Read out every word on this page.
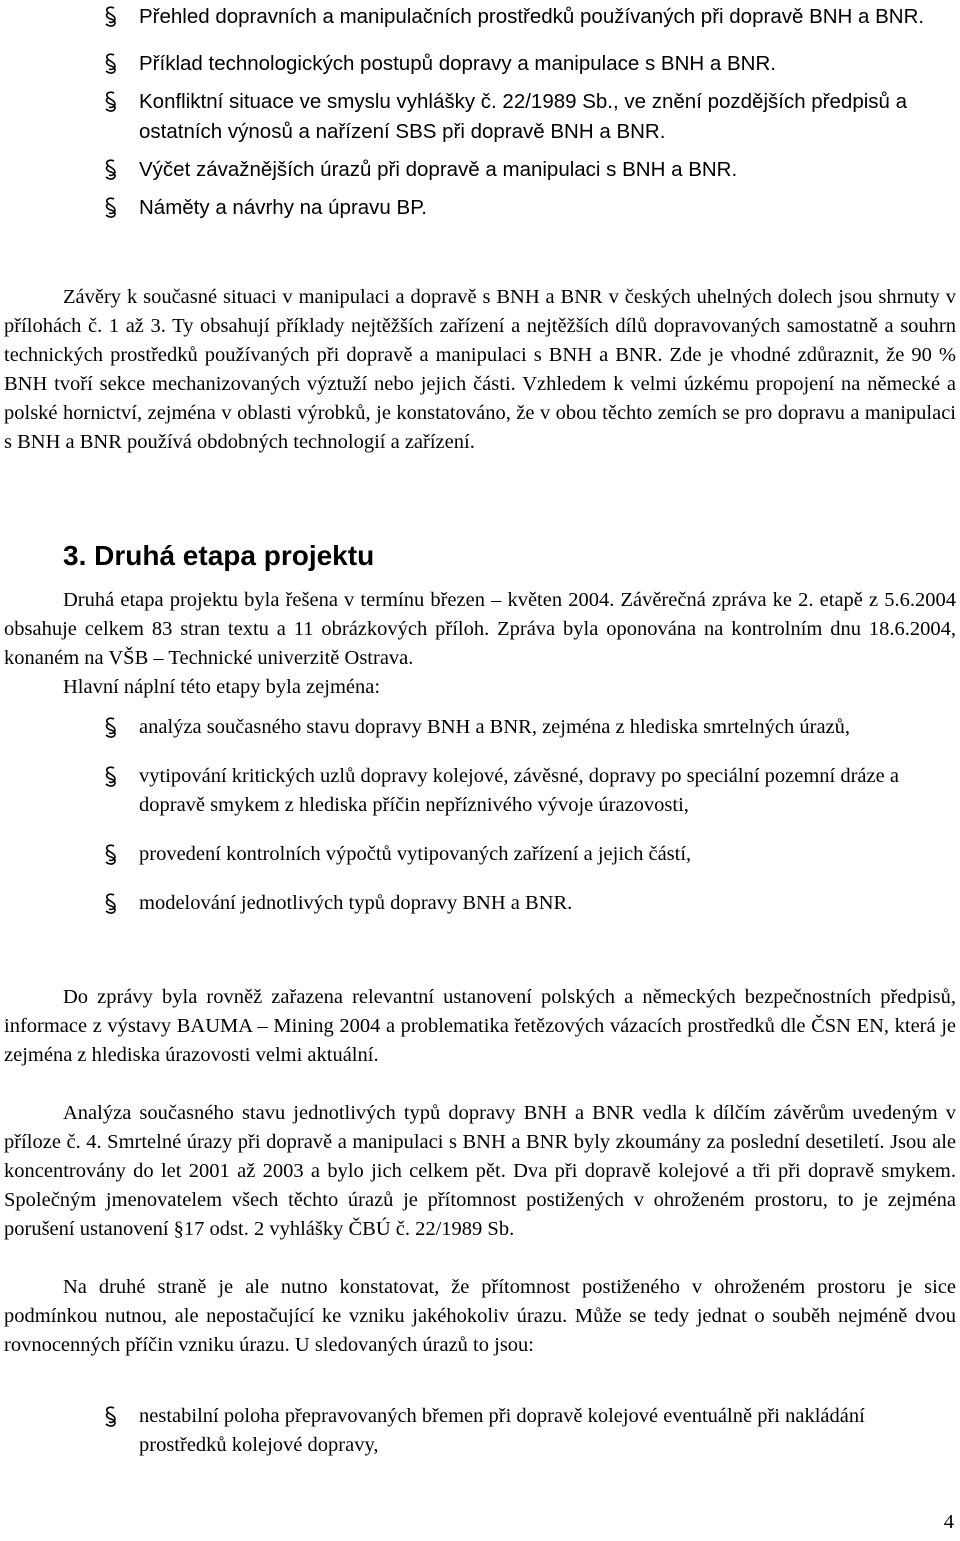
Přehled dopravních a manipulačních prostředků používaných při dopravě BNH a BNR.
Příklad technologických postupů dopravy a manipulace s BNH a BNR.
Konfliktní situace ve smyslu vyhlášky č. 22/1989 Sb., ve znění pozdějších předpisů a ostatních výnosů a nařízení SBS při dopravě BNH a BNR.
Výčet závažnějších úrazů při dopravě a manipulaci s BNH a BNR.
Náměty a návrhy na úpravu BP.

Závěry k současné situaci v manipulaci a dopravě s BNH a BNR v českých uhelných dolech jsou shrnuty v přílohách č. 1 až 3. Ty obsahují příklady nejtěžších zařízení a nejtěžších dílů dopravovaných samostatně a souhrn technických prostředků používaných při dopravě a manipulaci s BNH a BNR. Zde je vhodné zdůraznit, že 90 % BNH tvoří sekce mechanizovaných výztuží nebo jejich části. Vzhledem k velmi úzkému propojení na německé a polské hornictví, zejména v oblasti výrobků, je konstatováno, že v obou těchto zemích se pro dopravu a manipulaci s BNH a BNR používá obdobných technologií a zařízení.

3. Druhá etapa projektu

Druhá etapa projektu byla řešena v termínu březen – květen 2004. Závěrečná zpráva ke 2. etapě z 5.6.2004 obsahuje celkem 83 stran textu a 11 obrázkových příloh. Zpráva byla oponována na kontrolním dnu 18.6.2004, konaném na VŠB – Technické univerzitě Ostrava.

Hlavní náplní této etapy byla zejména:

analýza současného stavu dopravy BNH a BNR, zejména z hlediska smrtelných úrazů,
vytipování kritických uzlů dopravy kolejové, závěsné, dopravy po speciální pozemní dráze a dopravě smykem z hlediska příčin nepříznivého vývoje úrazovosti,
provedení kontrolních výpočtů vytipovaných zařízení a jejich částí,
modelování jednotlivých typů dopravy BNH a BNR.

Do zprávy byla rovněž zařazena relevantní ustanovení polských a německých bezpečnostních předpisů, informace z výstavy BAUMA – Mining 2004 a problematika řetězových vázacích prostředků dle ČSN EN, která je zejména z hlediska úrazovosti velmi aktuální.

Analýza současného stavu jednotlivých typů dopravy BNH a BNR vedla k dílčím závěrům uvedeným v příloze č. 4. Smrtelné úrazy při dopravě a manipulaci s BNH a BNR byly zkoumány za poslední desetiletí. Jsou ale koncentrovány do let 2001 až 2003 a bylo jich celkem pět. Dva při dopravě kolejové a tři při dopravě smykem. Společným jmenovatelem všech těchto úrazů je přítomnost postižených v ohroženém prostoru, to je zejména porušení ustanovení §17 odst. 2 vyhlášky ČBÚ č. 22/1989 Sb.

Na druhé straně je ale nutno konstatovat, že přítomnost postiženého v ohroženém prostoru je sice podmínkou nutnou, ale nepostačující ke vzniku jakéhokoliv úrazu. Může se tedy jednat o souběh nejméně dvou rovnocenných příčin vzniku úrazu. U sledovaných úrazů to jsou:

nestabilní poloha přepravovaných břemen při dopravě kolejové eventuálně při nakládání prostředků kolejové dopravy,
4
